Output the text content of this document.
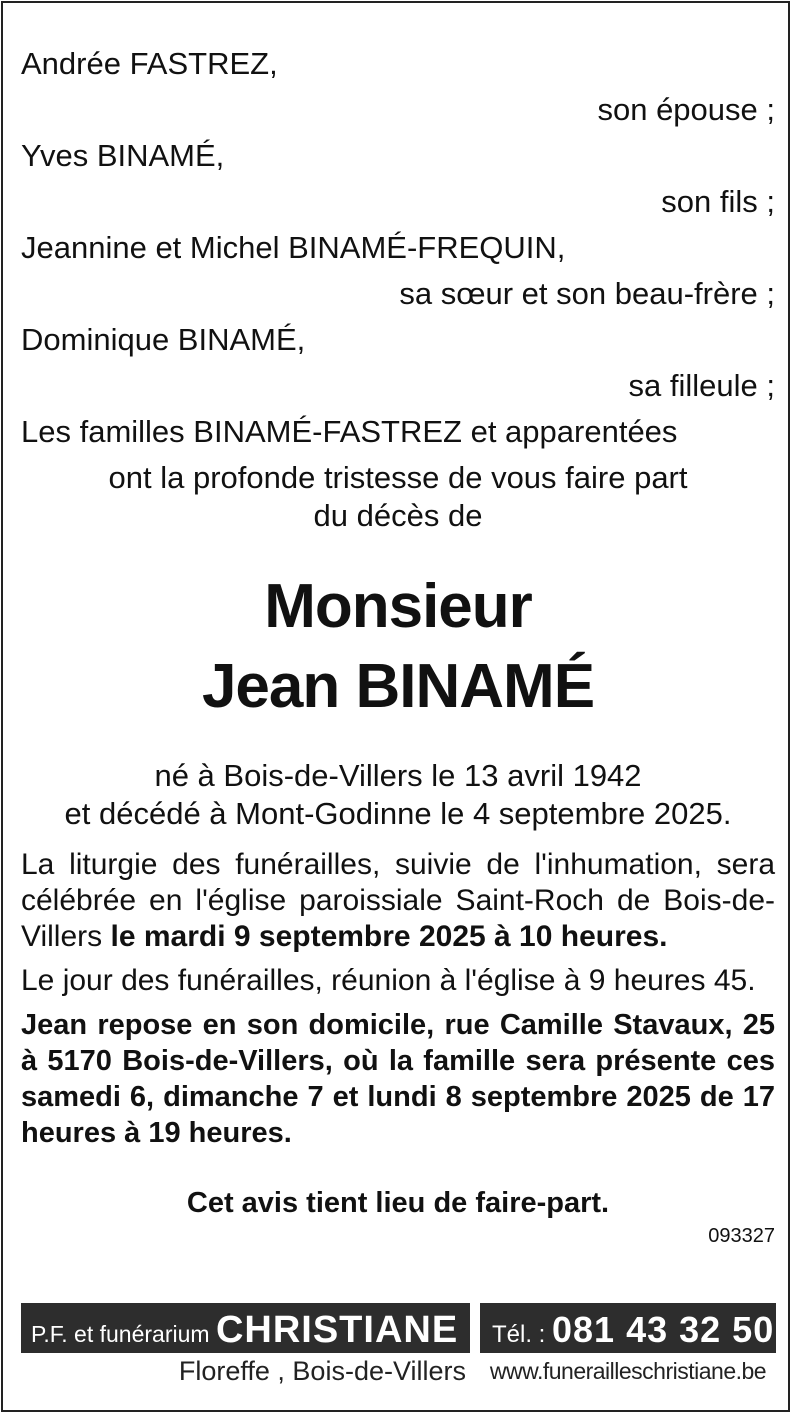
Andrée FASTREZ,
son épouse ;
Yves BINAMÉ,
son fils ;
Jeannine et Michel BINAMÉ-FREQUIN,
sa sœur et son beau-frère ;
Dominique BINAMÉ,
sa filleule ;
Les familles BINAMÉ-FASTREZ et apparentées
ont la profonde tristesse de vous faire part
du décès de
Monsieur
Jean BINAMÉ
né à Bois-de-Villers le 13 avril 1942
et décédé à Mont-Godinne le 4 septembre 2025.
La liturgie des funérailles, suivie de l'inhumation, sera célébrée en l'église paroissiale Saint-Roch de Bois-de-Villers le mardi 9 septembre 2025 à 10 heures.
Le jour des funérailles, réunion à l'église à 9 heures 45.
Jean repose en son domicile, rue Camille Stavaux, 25 à 5170 Bois-de-Villers, où la famille sera présente ces samedi 6, dimanche 7 et lundi 8 septembre 2025 de 17 heures à 19 heures.
Cet avis tient lieu de faire-part.
093327
P.F. et funérarium CHRISTIANE
Floreffe , Bois-de-Villers
Tél. : 081 43 32 50
www.funerailleschristiane.be
